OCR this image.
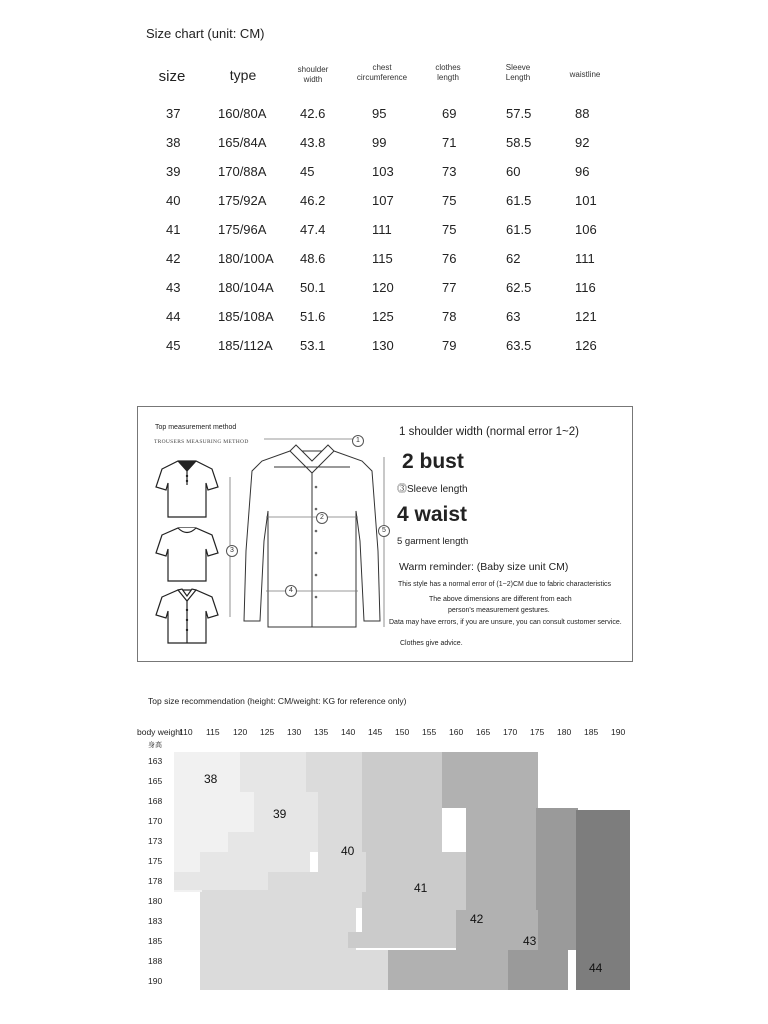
Size chart (unit: CM)
size	type	shoulder
width
chest
circumference
clothes
length
Sleeve
Length	waistline
37	160/80A	42.6	95	69	57.5	88
38	165/84A	43.8	99	71	58.5	92
39	170/88A	45	103	73	60	96
40	175/92A	46.2	107	75	61.5	101
41	175/96A	47.4	111	75	61.5	106
42	180/100A 48.6	115	76	62	111
43	180/104A 50.1	120	77	62.5	116
44	185/108A 51.6	125	78	63	121
45	185/112A 53.1	130	79	63.5	126
Top measurement method
TROUSERS MEASURING METHOD	1
2
3
4
5
1 shoulder width (normal error 1~2)
2 bust
⓷Sleeve length
4 waist
5 garment length
Warm reminder: (Baby size unit CM)
This style has a normal error of (1~2)CM due to fabric characteristics
The above dimensions are different from each
person's measurement gestures.
Data may have errors, if you are unsure, you can consult customer service.
Clothes give advice.
Top size recommendation (height: CM/weight: KG for reference only)
body weight
身高
110 115 120 125 130 135 140 145 150 155 160 165 170 175 180 185 190
163
165
168
170
173
175
178
180
183
185
188
190
38
39
40
41
42
43
44
